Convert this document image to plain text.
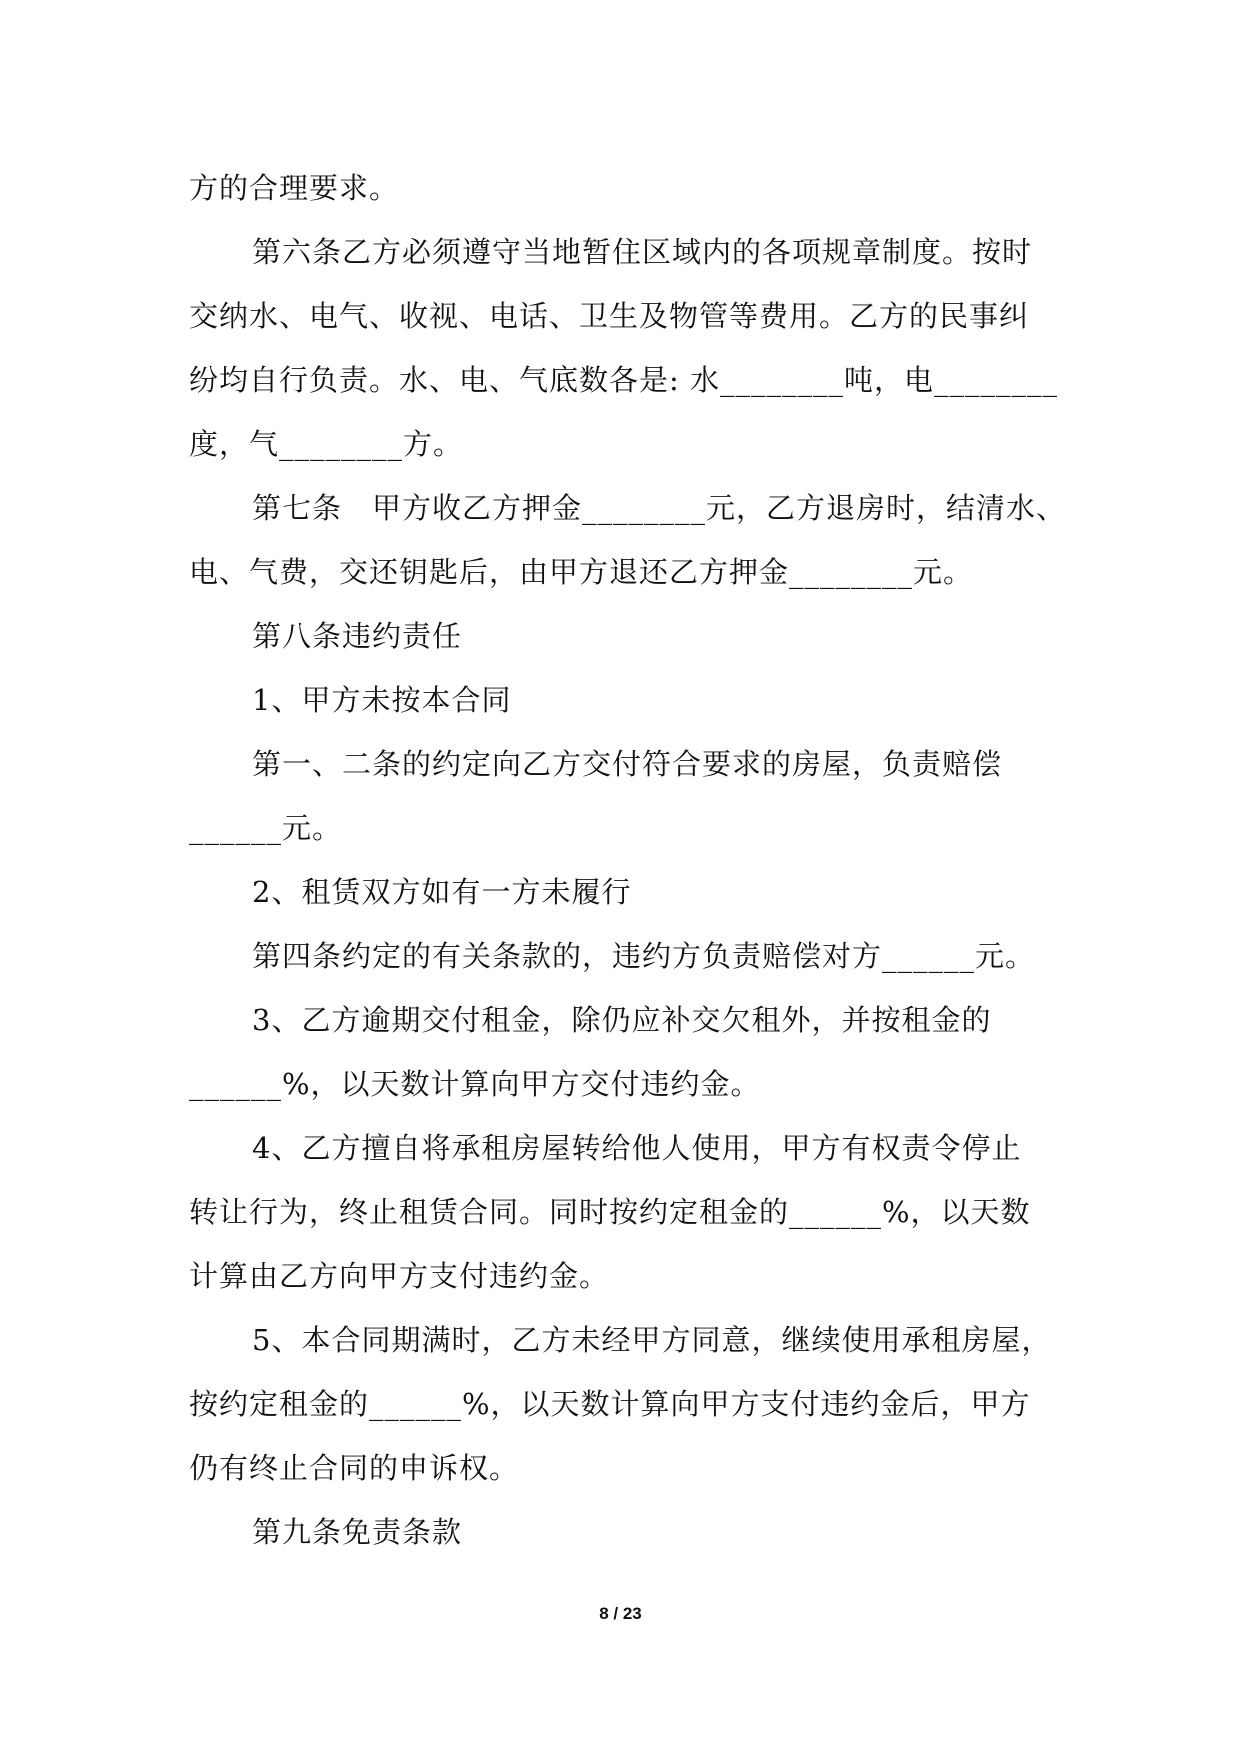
方的合理要求。
第六条乙方必须遵守当地暂住区域内的各项规章制度。按时
交纳水、电气、收视、电话、卫生及物管等费用。乙方的民事纠
纷均自行负责。水、电、气底数各是: 水________吨，电________
度，气________方。
第七条　甲方收乙方押金________元，乙方退房时，结清水、
电、气费，交还钥匙后，由甲方退还乙方押金________元。
第八条违约责任
1、甲方未按本合同
第一、二条的约定向乙方交付符合要求的房屋，负责赔偿
______元。
2、租赁双方如有一方未履行
第四条约定的有关条款的，违约方负责赔偿对方______元。
3、乙方逾期交付租金，除仍应补交欠租外，并按租金的
______%，以天数计算向甲方交付违约金。
4、乙方擅自将承租房屋转给他人使用，甲方有权责令停止
转让行为，终止租赁合同。同时按约定租金的______%，以天数
计算由乙方向甲方支付违约金。
5、本合同期满时，乙方未经甲方同意，继续使用承租房屋，
按约定租金的______%，以天数计算向甲方支付违约金后，甲方
仍有终止合同的申诉权。
第九条免责条款
8 / 23
